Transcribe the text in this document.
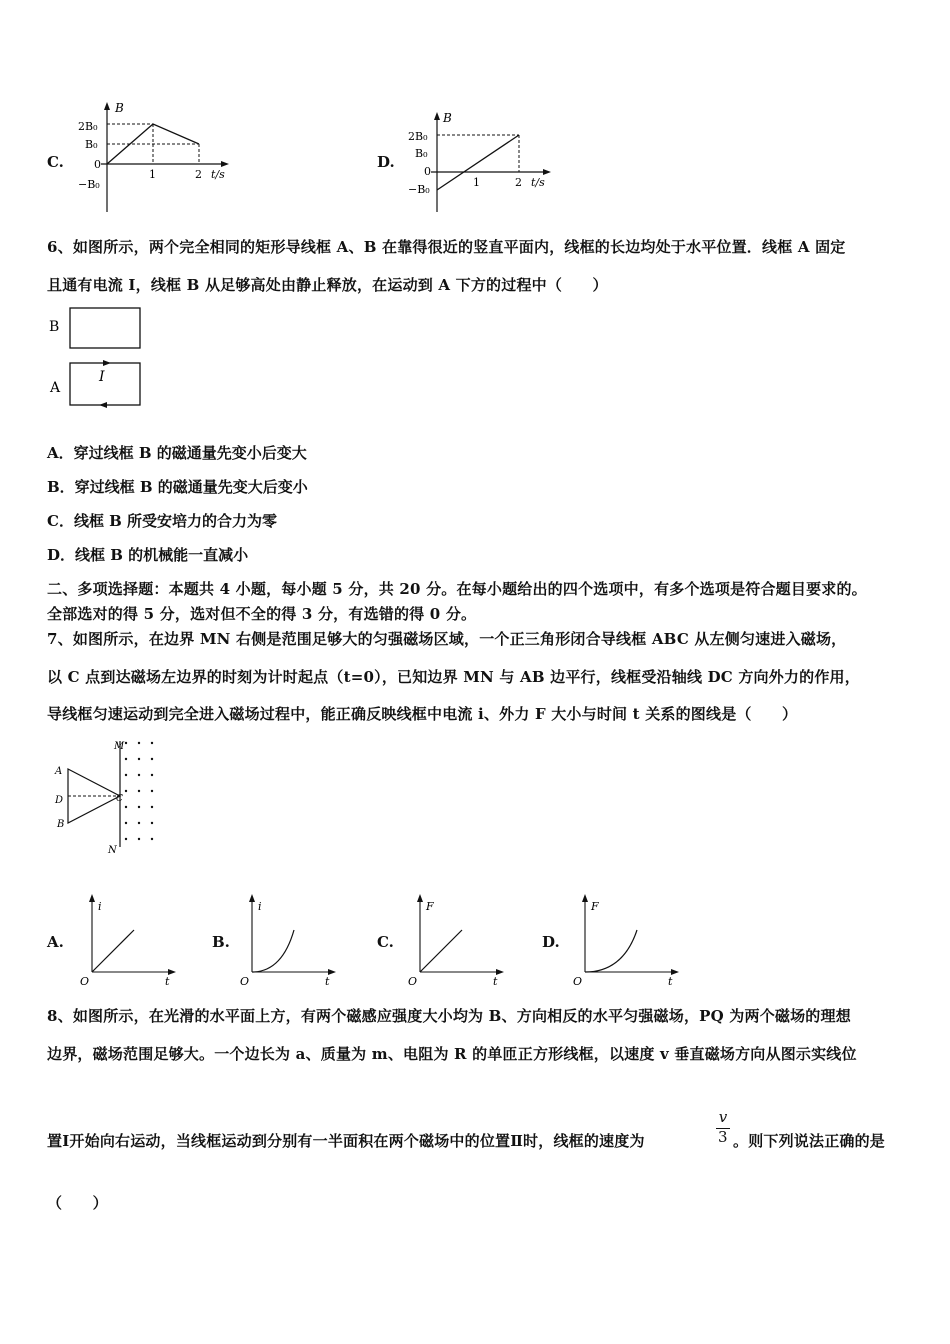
C.
B
2B₀
B₀
0
−B₀
1	2 t/s
D.
B
2B₀
B₀
0
−B₀
1	2 t/s
6、如图所示，两个完全相同的矩形导线框 A、B 在靠得很近的竖直平面内，线框的长边均处于水平位置．线框 A 固定
且通有电流 I，线框 B 从足够高处由静止释放，在运动到 A 下方的过程中（　　）
B
A
I
A．穿过线框 B 的磁通量先变小后变大
B．穿过线框 B 的磁通量先变大后变小
C．线框 B 所受安培力的合力为零
D．线框 B 的机械能一直减小
二、多项选择题：本题共 4 小题，每小题 5 分，共 20 分。在每小题给出的四个选项中，有多个选项是符合题目要求的。
全部选对的得 5 分，选对但不全的得 3 分，有选错的得 0 分。
7、如图所示，在边界 MN 右侧是范围足够大的匀强磁场区域，一个正三角形闭合导线框 ABC 从左侧匀速进入磁场，
以 C 点到达磁场左边界的时刻为计时起点（t=0），已知边界 MN 与 AB 边平行，线框受沿轴线 DC 方向外力的作用，
导线框匀速运动到完全进入磁场过程中，能正确反映线框中电流 i、外力 F 大小与时间 t 关系的图线是（　　）
M
N
A
D
B
C
A.
i
O	t
B.
i
O	t
C.
F
O	t
D.
F
O	t
8、如图所示，在光滑的水平面上方，有两个磁感应强度大小均为 B、方向相反的水平匀强磁场，PQ 为两个磁场的理想
边界，磁场范围足够大。一个边长为 a、质量为 m、电阻为 R 的单匝正方形线框，以速度 v 垂直磁场方向从图示实线位
置Ⅰ开始向右运动，当线框运动到分别有一半面积在两个磁场中的位置Ⅱ时，线框的速度为
v
3 。则下列说法正确的是
（　　）
